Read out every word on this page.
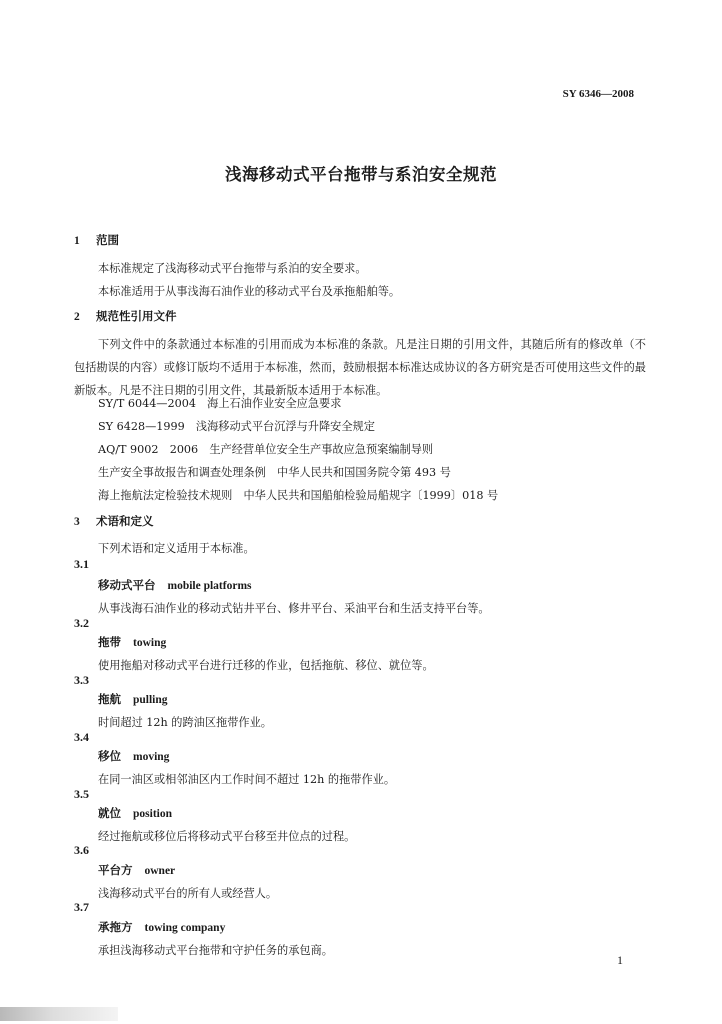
SY 6346—2008
浅海移动式平台拖带与系泊安全规范
1 范围
本标准规定了浅海移动式平台拖带与系泊的安全要求。
本标准适用于从事浅海石油作业的移动式平台及承拖船舶等。
2 规范性引用文件
下列文件中的条款通过本标准的引用而成为本标准的条款。凡是注日期的引用文件，其随后所有的修改单（不包括勘误的内容）或修订版均不适用于本标准，然而，鼓励根据本标准达成协议的各方研究是否可使用这些文件的最新版本。凡是不注日期的引用文件，其最新版本适用于本标准。
SY/T 6044—2004　海上石油作业安全应急要求
SY 6428—1999　浅海移动式平台沉浮与升降安全规定
AQ/T 9002　2006　生产经营单位安全生产事故应急预案编制导则
生产安全事故报告和调查处理条例　中华人民共和国国务院令第 493 号
海上拖航法定检验技术规则　中华人民共和国船舶检验局船规字〔1999〕018 号
3 术语和定义
下列术语和定义适用于本标准。
3.1
移动式平台 mobile platforms
从事浅海石油作业的移动式钻井平台、修井平台、采油平台和生活支持平台等。
3.2
拖带 towing
使用拖船对移动式平台进行迁移的作业，包括拖航、移位、就位等。
3.3
拖航 pulling
时间超过 12h 的跨油区拖带作业。
3.4
移位 moving
在同一油区或相邻油区内工作时间不超过 12h 的拖带作业。
3.5
就位 position
经过拖航或移位后将移动式平台移至井位点的过程。
3.6
平台方 owner
浅海移动式平台的所有人或经营人。
3.7
承拖方 towing company
承担浅海移动式平台拖带和守护任务的承包商。
1
